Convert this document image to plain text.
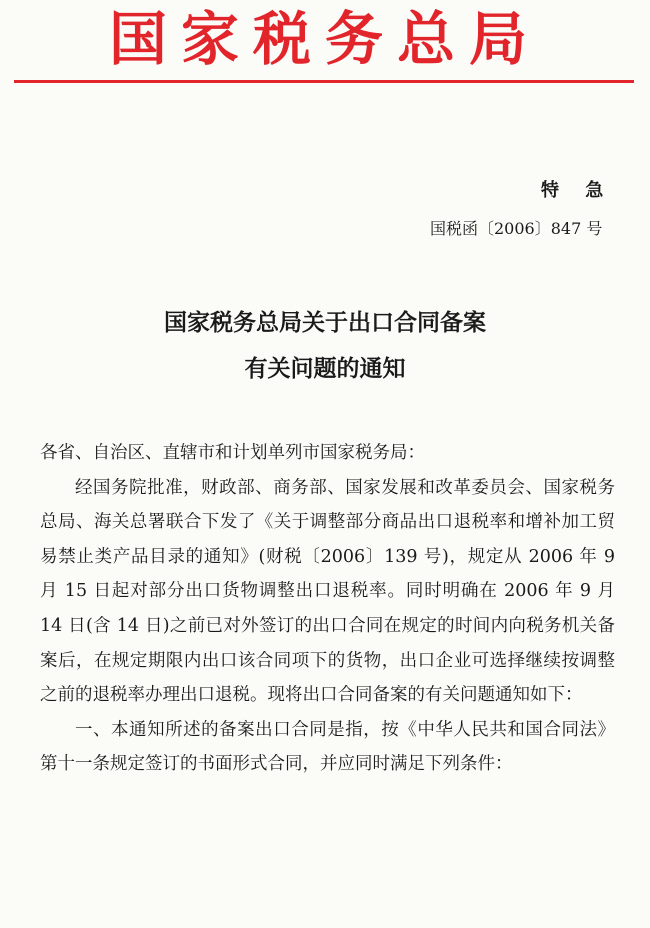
国家税务总局
特 急
国税函〔2006〕847 号
国家税务总局关于出口合同备案
有关问题的通知

各省、自治区、直辖市和计划单列市国家税务局：

经国务院批准，财政部、商务部、国家发展和改革委员会、国家税务总局、海关总署联合下发了《关于调整部分商品出口退税率和增补加工贸易禁止类产品目录的通知》(财税〔2006〕139 号)，规定从 2006 年 9 月 15 日起对部分出口货物调整出口退税率。同时明确在 2006 年 9 月 14 日(含 14 日)之前已对外签订的出口合同在规定的时间内向税务机关备案后，在规定期限内出口该合同项下的货物，出口企业可选择继续按调整之前的退税率办理出口退税。现将出口合同备案的有关问题通知如下：

一、本通知所述的备案出口合同是指，按《中华人民共和国合同法》第十一条规定签订的书面形式合同，并应同时满足下列条件：
